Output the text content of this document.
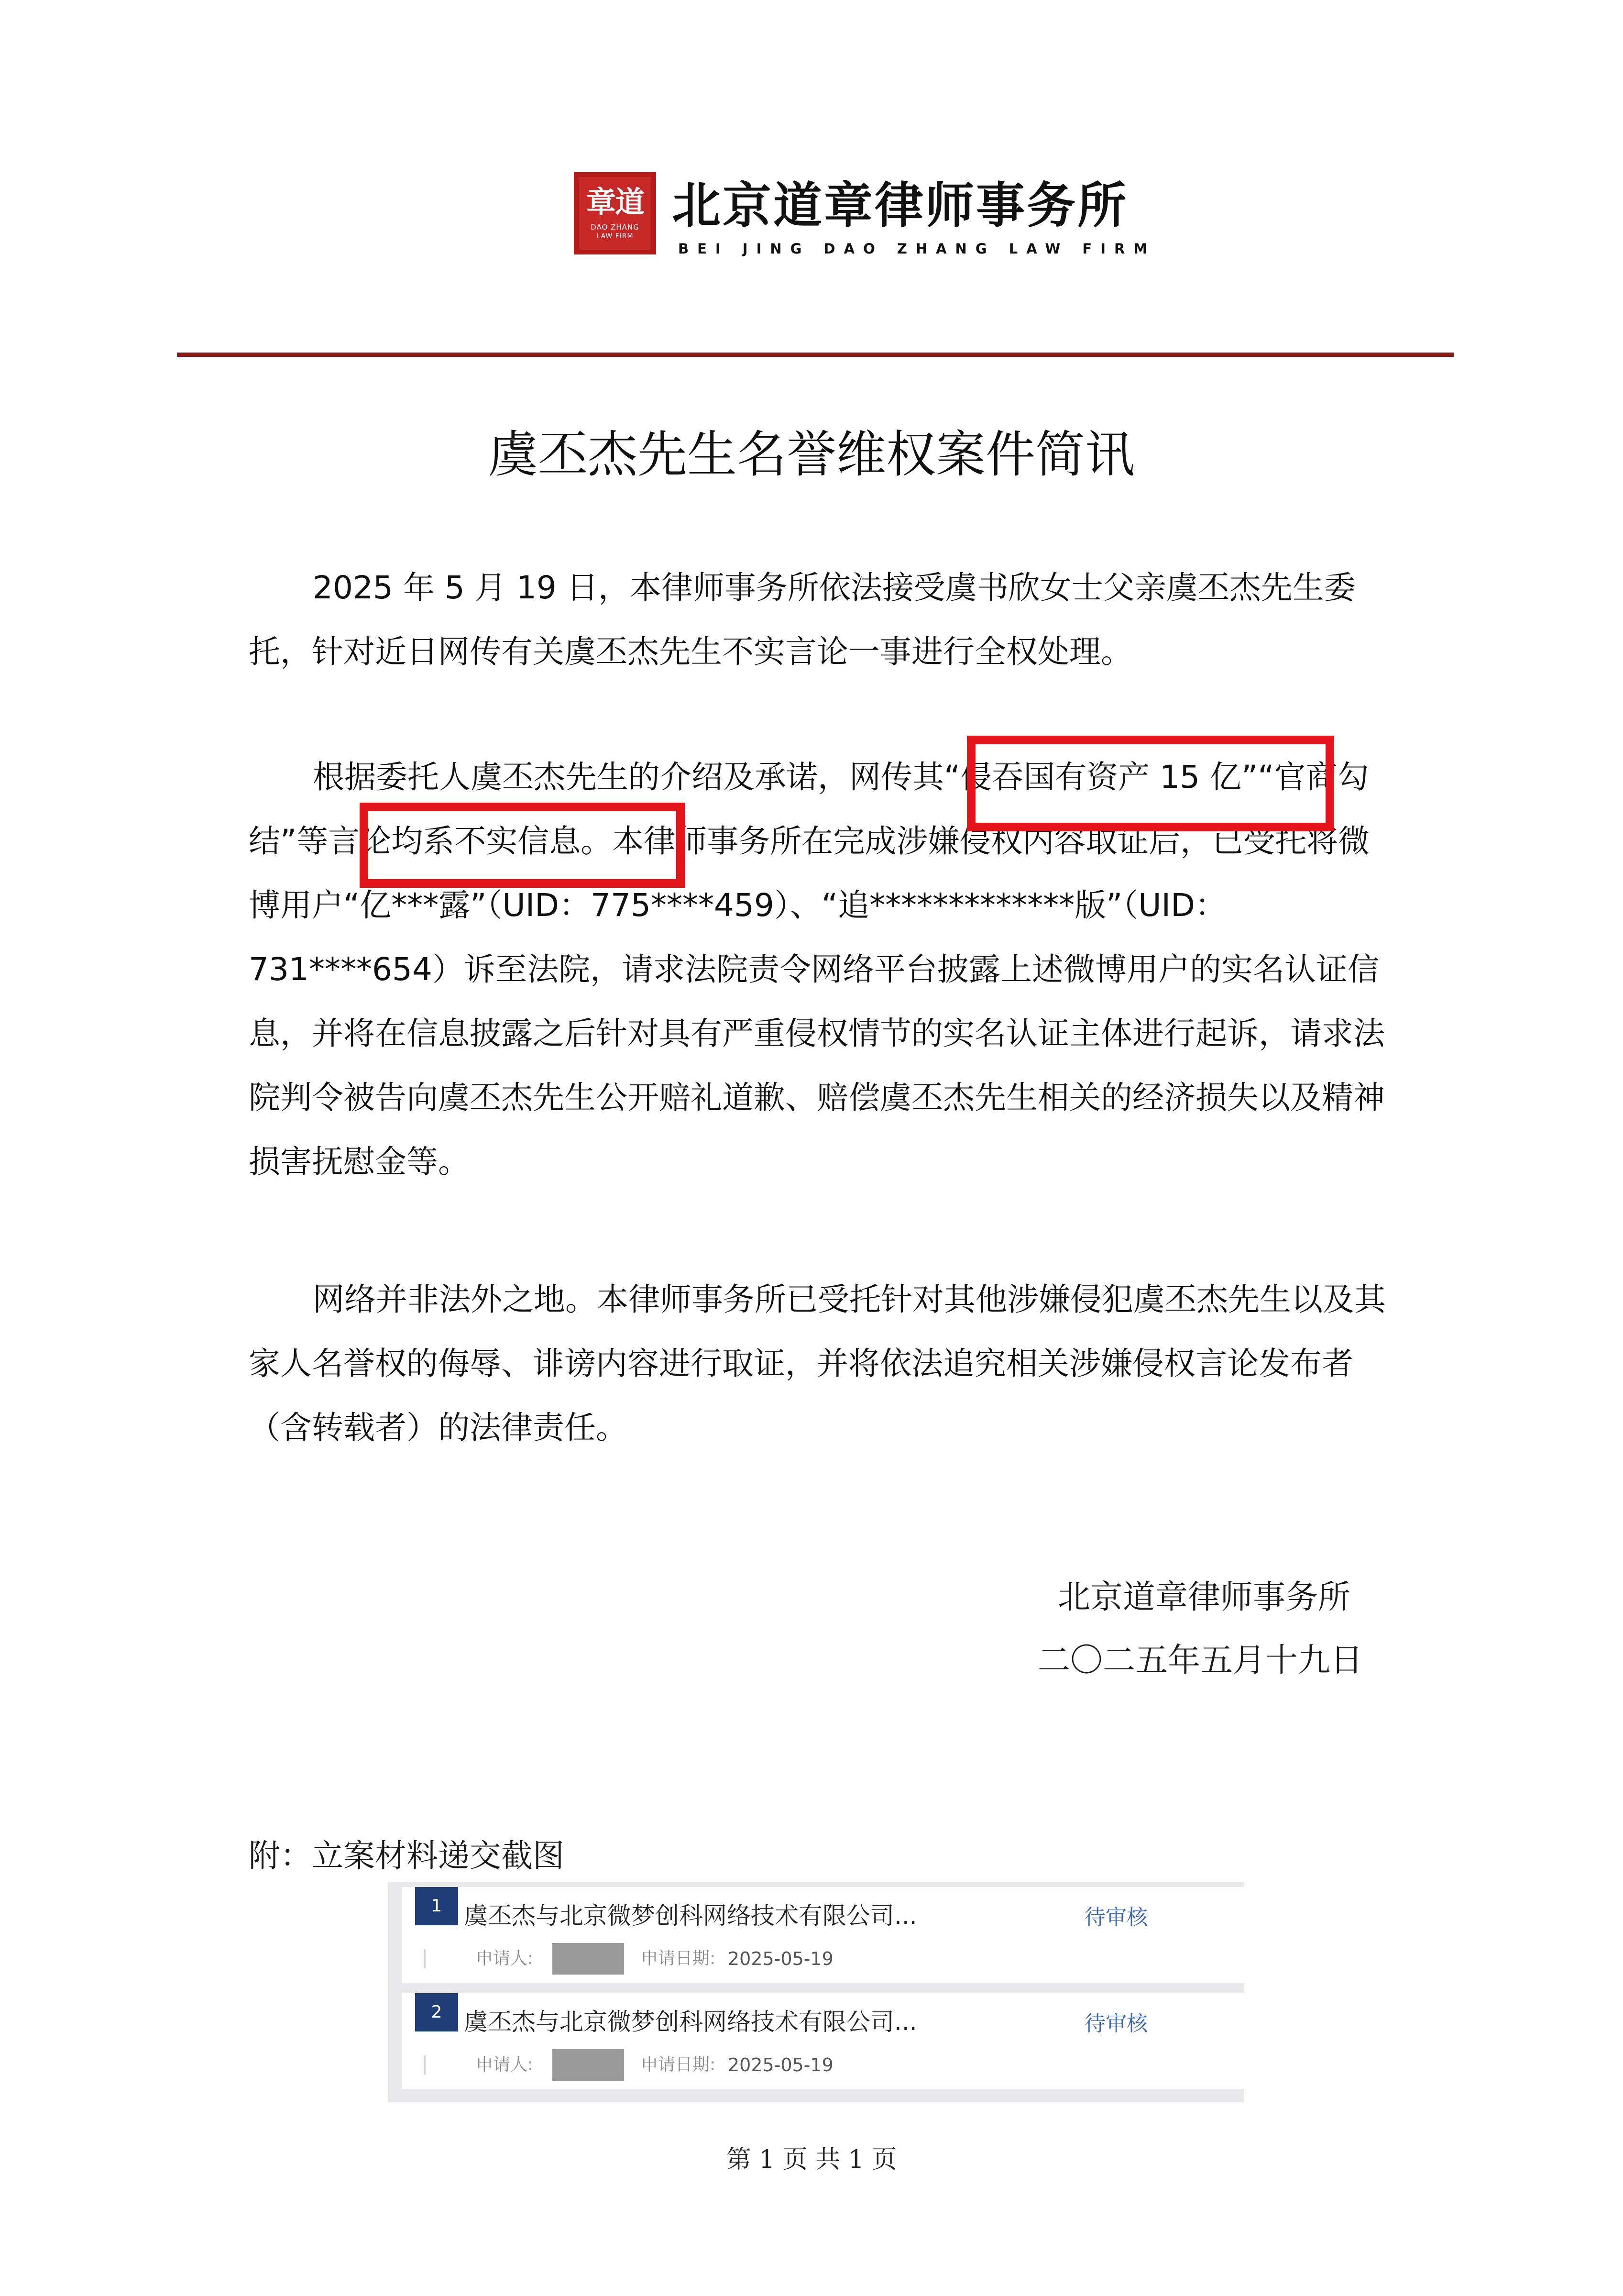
章道
DAO ZHANG
LAW FIRM
北京道章律师事务所
BEI JING DAO ZHANG LAW FIRM
虞丕杰先生名誉维权案件简讯

2025 年 5 月 19 日，本律师事务所依法接受虞书欣女士父亲虞丕杰先生委托，针对近日网传有关虞丕杰先生不实言论一事进行全权处理。

根据委托人虞丕杰先生的介绍及承诺，网传其“侵吞国有资产 15 亿”“官商勾结”等言论均系不实信息。本律师事务所在完成涉嫌侵权内容取证后，已受托将微博用户“亿***露”（UID：775****459）、“追*************版”（UID：731****654）诉至法院，请求法院责令网络平台披露上述微博用户的实名认证信息，并将在信息披露之后针对具有严重侵权情节的实名认证主体进行起诉，请求法院判令被告向虞丕杰先生公开赔礼道歉、赔偿虞丕杰先生相关的经济损失以及精神损害抚慰金等。

网络并非法外之地。本律师事务所已受托针对其他涉嫌侵犯虞丕杰先生以及其家人名誉权的侮辱、诽谤内容进行取证，并将依法追究相关涉嫌侵权言论发布者（含转载者）的法律责任。

北京道章律师事务所
二〇二五年五月十九日
附：立案材料递交截图
1 虞丕杰与北京微梦创科网络技术有限公司...	待审核
申请人:	申请日期: 2025-05-19
2 虞丕杰与北京微梦创科网络技术有限公司...	待审核
申请人:	申请日期: 2025-05-19
第 1 页 共 1 页
